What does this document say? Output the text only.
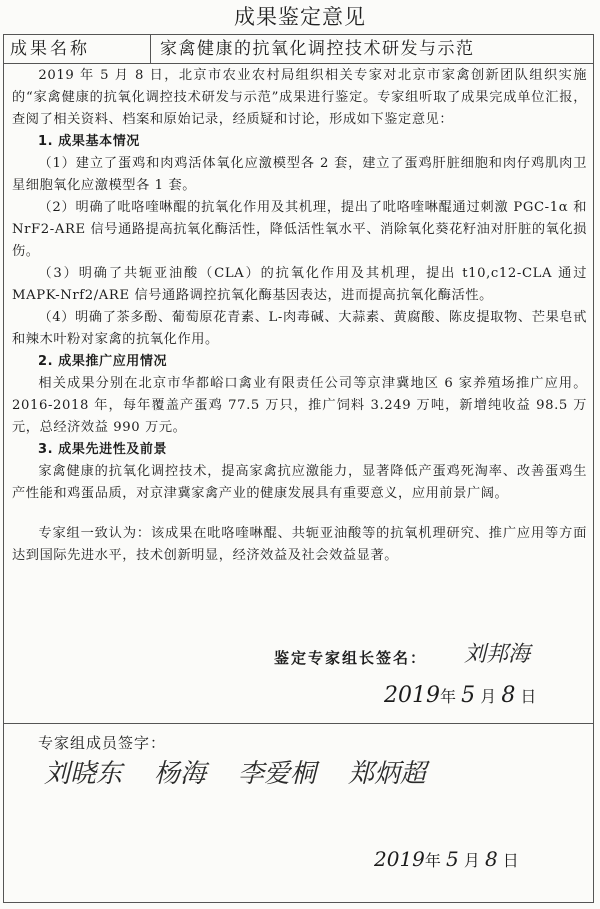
成果鉴定意见
成果名称	家禽健康的抗氧化调控技术研发与示范

2019 年 5 月 8 日，北京市农业农村局组织相关专家对北京市家禽创新团队组织实施的“家禽健康的抗氧化调控技术研发与示范”成果进行鉴定。专家组听取了成果完成单位汇报，查阅了相关资料、档案和原始记录，经质疑和讨论，形成如下鉴定意见：

1. 成果基本情况

（1）建立了蛋鸡和肉鸡活体氧化应激模型各 2 套，建立了蛋鸡肝脏细胞和肉仔鸡肌肉卫星细胞氧化应激模型各 1 套。

（2）明确了吡咯喹啉醌的抗氧化作用及其机理，提出了吡咯喹啉醌通过刺激 PGC-1α 和 NrF2-ARE 信号通路提高抗氧化酶活性，降低活性氧水平、消除氧化葵花籽油对肝脏的氧化损伤。

（3）明确了共轭亚油酸（CLA）的抗氧化作用及其机理，提出 t10,c12-CLA 通过 MAPK-Nrf2/ARE 信号通路调控抗氧化酶基因表达，进而提高抗氧化酶活性。

（4）明确了茶多酚、葡萄原花青素、L-肉毒碱、大蒜素、黄腐酸、陈皮提取物、芒果皂甙和辣木叶粉对家禽的抗氧化作用。

2. 成果推广应用情况

相关成果分别在北京市华都峪口禽业有限责任公司等京津冀地区 6 家养殖场推广应用。2016-2018 年，每年覆盖产蛋鸡 77.5 万只，推广饲料 3.249 万吨，新增纯收益 98.5 万元，总经济效益 990 万元。

3. 成果先进性及前景

家禽健康的抗氧化调控技术，提高家禽抗应激能力，显著降低产蛋鸡死淘率、改善蛋鸡生产性能和鸡蛋品质，对京津冀家禽产业的健康发展具有重要意义，应用前景广阔。

专家组一致认为：该成果在吡咯喹啉醌、共轭亚油酸等的抗氧机理研究、推广应用等方面达到国际先进水平，技术创新明显，经济效益及社会效益显著。

鉴定专家组长签名： 刘邦海
2019年 5 月 8 日
专家组成员签字：
刘晓东 杨海 李爱桐 郑炳超
2019年 5 月 8 日
